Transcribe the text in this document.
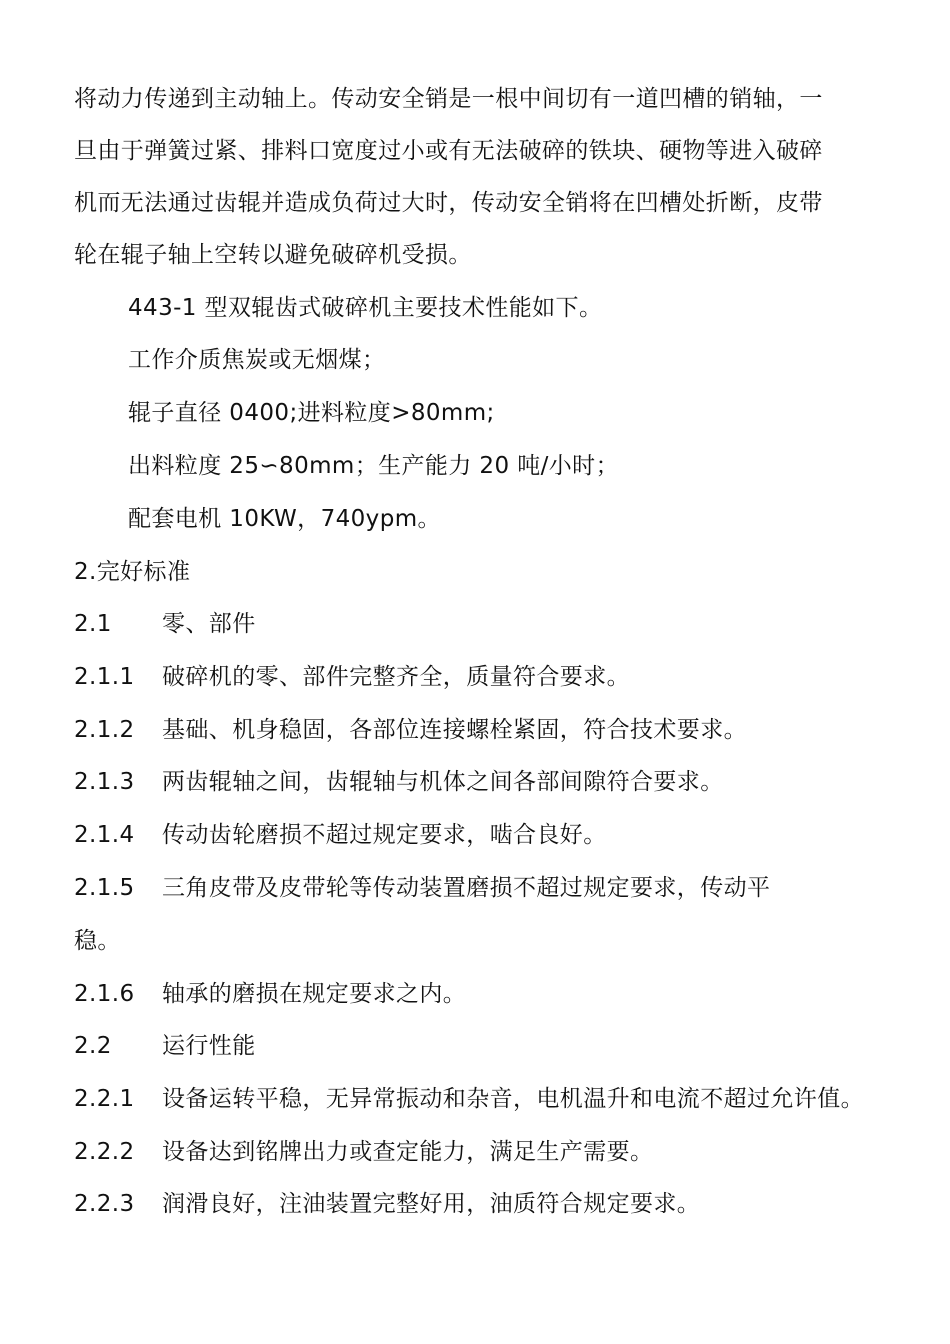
将动力传递到主动轴上。传动安全销是一根中间切有一道凹槽的销轴，一
旦由于弹簧过紧、排料口宽度过小或有无法破碎的铁块、硬物等进入破碎
机而无法通过齿辊并造成负荷过大时，传动安全销将在凹槽处折断，皮带
轮在辊子轴上空转以避免破碎机受损。
443-1 型双辊齿式破碎机主要技术性能如下。
工作介质焦炭或无烟煤；
辊子直径 0400;进料粒度>80mm;
出料粒度 25∽80mm；生产能力 20 吨/小时；
配套电机 10KW，740ypm。
2.完好标准
2.1 零、部件
2.1.1 破碎机的零、部件完整齐全，质量符合要求。
2.1.2 基础、机身稳固，各部位连接螺栓紧固，符合技术要求。
2.1.3 两齿辊轴之间，齿辊轴与机体之间各部间隙符合要求。
2.1.4 传动齿轮磨损不超过规定要求，啮合良好。
2.1.5 三角皮带及皮带轮等传动装置磨损不超过规定要求，传动平
稳。
2.1.6 轴承的磨损在规定要求之内。
2.2 运行性能
2.2.1 设备运转平稳，无异常振动和杂音，电机温升和电流不超过允许值。
2.2.2 设备达到铭牌出力或查定能力，满足生产需要。
2.2.3 润滑良好，注油装置完整好用，油质符合规定要求。
